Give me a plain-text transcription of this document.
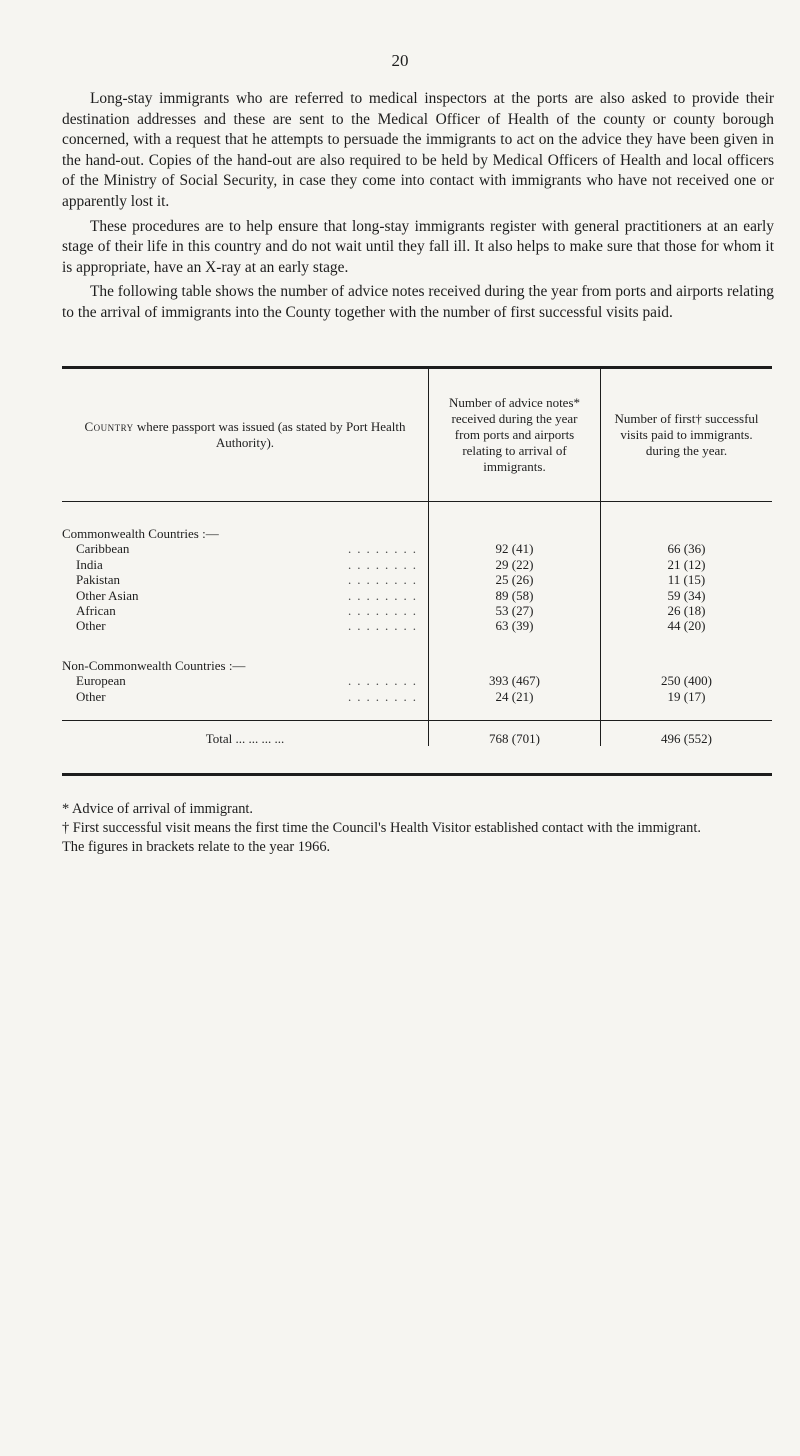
20

Long-stay immigrants who are referred to medical inspectors at the ports are also asked to provide their destination addresses and these are sent to the Medical Officer of Health of the county or county borough concerned, with a request that he attempts to persuade the immigrants to act on the advice they have been given in the hand-out. Copies of the hand-out are also required to be held by Medical Officers of Health and local officers of the Ministry of Social Security, in case they come into contact with immigrants who have not received one or apparently lost it.

These procedures are to help ensure that long-stay immigrants register with general practitioners at an early stage of their life in this country and do not wait until they fall ill. It also helps to make sure that those for whom it is appropriate, have an X-ray at an early stage.

The following table shows the number of advice notes received during the year from ports and airports relating to the arrival of immigrants into the County together with the number of first successful visits paid.

Country where passport was issued (as stated by Port Health Authority).
Number of advice notes* received during the year from ports and airports relating to arrival of immigrants.
Number of first† successful visits paid to immigrants. during the year.
Commonwealth Countries :—
Caribbean	........	92 (41)	66 (36)
India	........	29 (22)	21 (12)
Pakistan	........	25 (26)	11 (15)
Other Asian	........	89 (58)	59 (34)
African	........	53 (27)	26 (18)
Other	........	63 (39)	44 (20)
Non-Commonwealth Countries :—
European	........	393 (467)	250 (400)
Other	........	24 (21)	19 (17)
Total ... ... ... ...	768 (701)	496 (552)

* Advice of arrival of immigrant.

† First successful visit means the first time the Council's Health Visitor established contact with the immigrant.

The figures in brackets relate to the year 1966.
